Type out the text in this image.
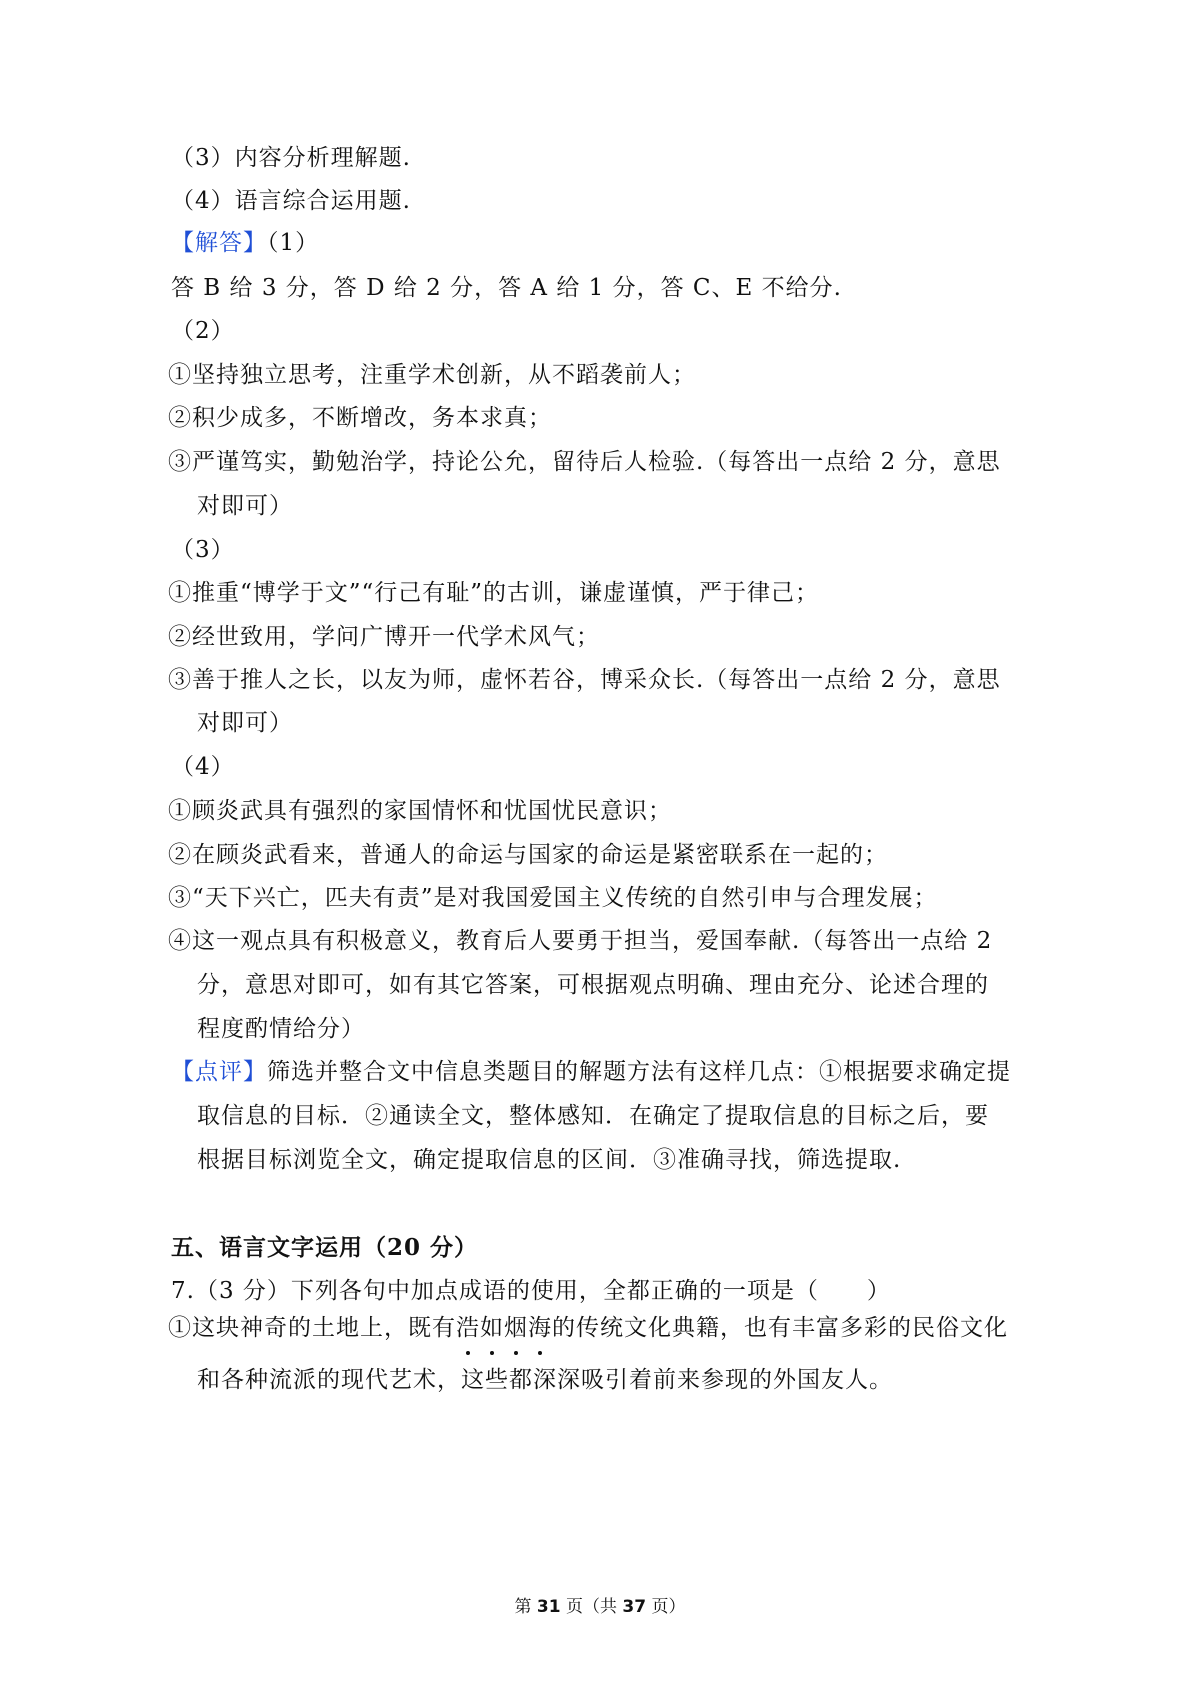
（3）内容分析理解题.
（4）语言综合运用题.
【解答】（1）
答 B 给 3 分，答 D 给 2 分，答 A 给 1 分，答 C、E 不给分.
（2）
①坚持独立思考，注重学术创新，从不蹈袭前人；
②积少成多，不断增改，务本求真；
③严谨笃实，勤勉治学，持论公允，留待后人检验.（每答出一点给 2 分，意思
对即可）
（3）
①推重“博学于文”“行己有耻”的古训，谦虚谨慎，严于律己；
②经世致用，学问广博开一代学术风气；
③善于推人之长，以友为师，虚怀若谷，博采众长.（每答出一点给 2 分，意思
对即可）
（4）
①顾炎武具有强烈的家国情怀和忧国忧民意识；
②在顾炎武看来，普通人的命运与国家的命运是紧密联系在一起的；
③“天下兴亡，匹夫有责”是对我国爱国主义传统的自然引申与合理发展；
④这一观点具有积极意义，教育后人要勇于担当，爱国奉献.（每答出一点给 2
分，意思对即可，如有其它答案，可根据观点明确、理由充分、论述合理的
程度酌情给分）
【点评】筛选并整合文中信息类题目的解题方法有这样几点：①根据要求确定提
取信息的目标．②通读全文，整体感知．在确定了提取信息的目标之后，要
根据目标浏览全文，确定提取信息的区间．③准确寻找，筛选提取.
五、语言文字运用（20 分）
7.（3 分）下列各句中加点成语的使用，全都正确的一项是（　　）
①这块神奇的土地上，既有浩如烟海的传统文化典籍，也有丰富多彩的民俗文化
和各种流派的现代艺术，这些都深深吸引着前来参现的外国友人。
第 31 页（共 37 页）
